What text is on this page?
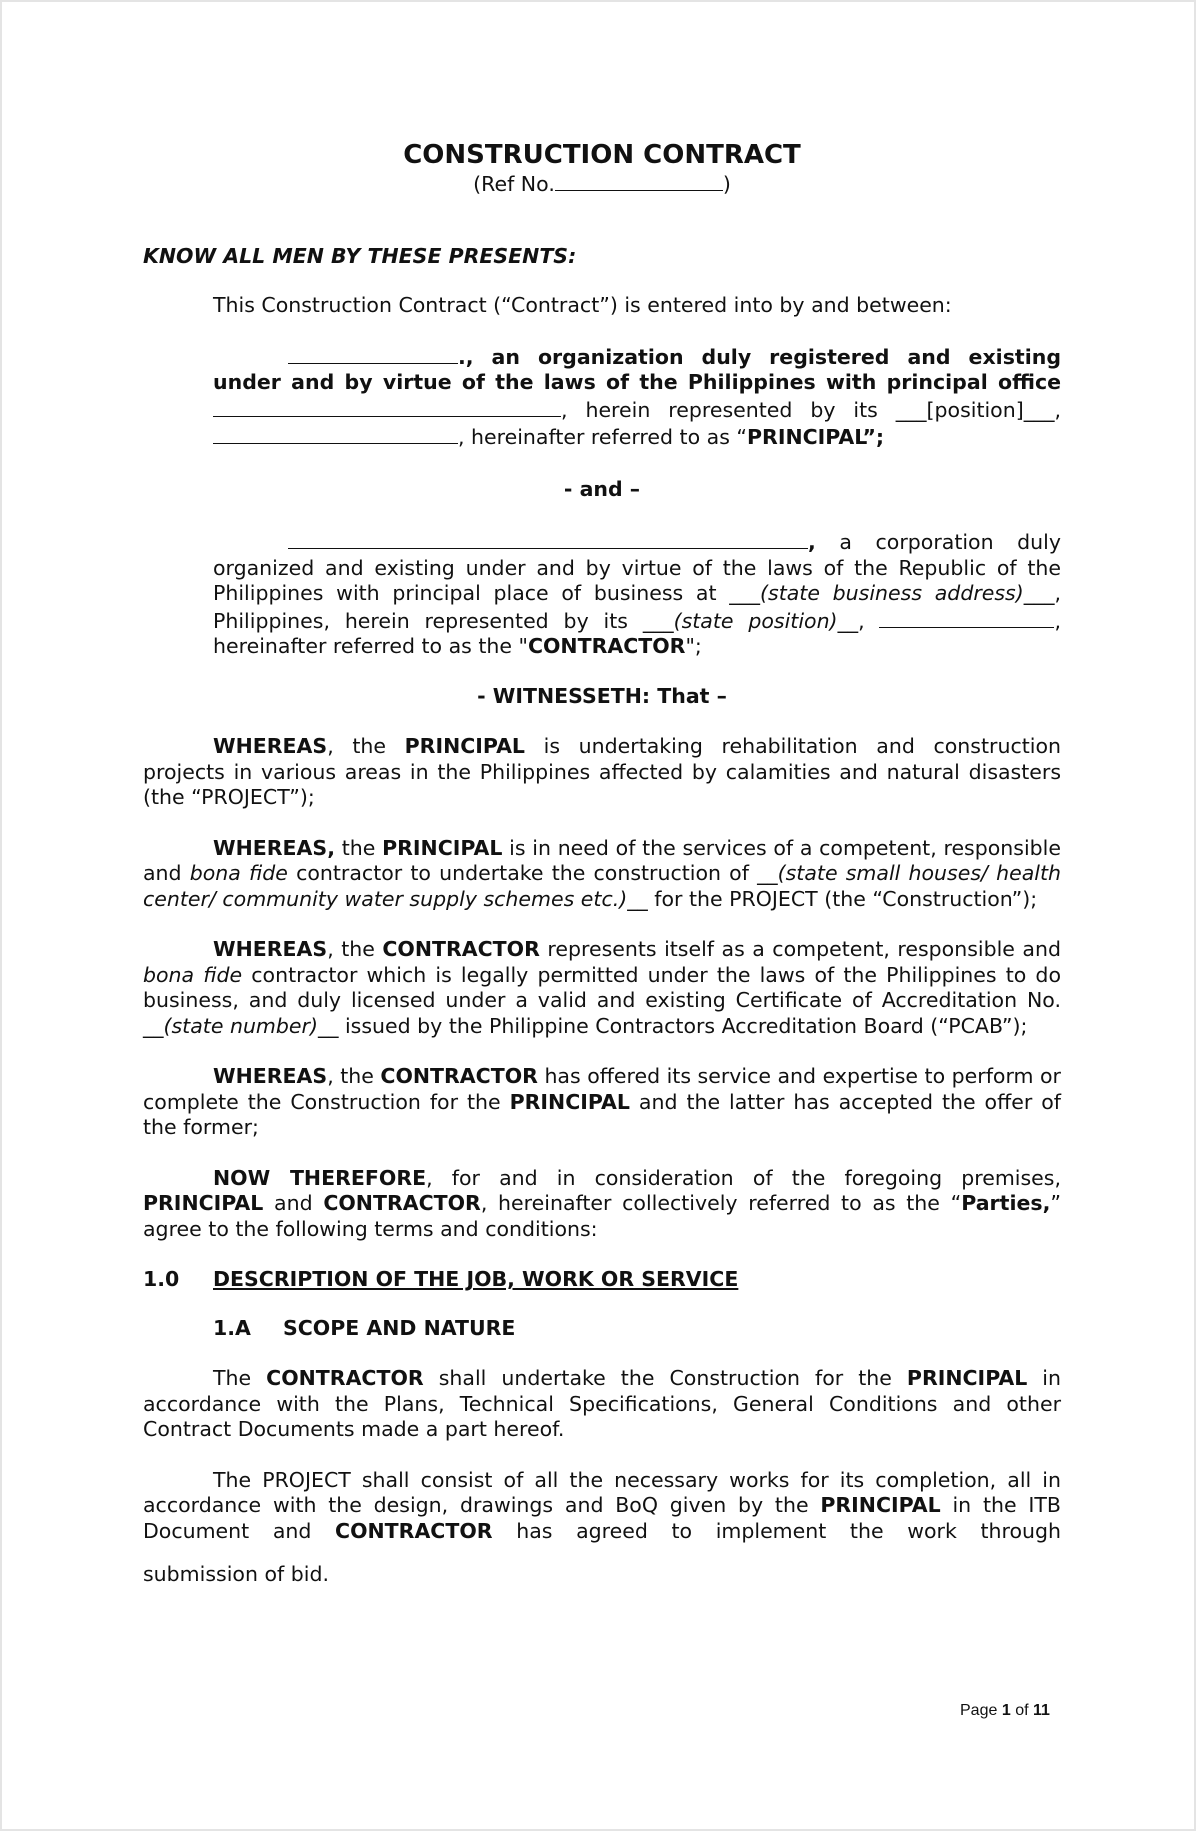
CONSTRUCTION CONTRACT

(Ref No.	)

KNOW ALL MEN BY THESE PRESENTS:

This Construction Contract (“Contract”) is entered into by and between:

., an organization duly registered and existing under and by virtue of the laws of the Philippines with principal office , herein represented by its ___[position]___, , hereinafter referred to as “PRINCIPAL”;

- and –

, a corporation duly organized and existing under and by virtue of the laws of the Republic of the Philippines with principal place of business at ___(state business address)___, Philippines, herein represented by its ___(state position)__,	, hereinafter referred to as the "CONTRACTOR";

- WITNESSETH: That –

WHEREAS, the PRINCIPAL is undertaking rehabilitation and construction projects in various areas in the Philippines affected by calamities and natural disasters (the “PROJECT”);

WHEREAS, the PRINCIPAL is in need of the services of a competent, responsible and bona fide contractor to undertake the construction of __(state small houses/ health center/ community water supply schemes etc.)__ for the PROJECT (the “Construction”);

WHEREAS, the CONTRACTOR represents itself as a competent, responsible and bona fide contractor which is legally permitted under the laws of the Philippines to do business, and duly licensed under a valid and existing Certificate of Accreditation No. __(state number)__ issued by the Philippine Contractors Accreditation Board (“PCAB”);

WHEREAS, the CONTRACTOR has offered its service and expertise to perform or complete the Construction for the PRINCIPAL and the latter has accepted the offer of the former;

NOW THEREFORE, for and in consideration of the foregoing premises, PRINCIPAL and CONTRACTOR, hereinafter collectively referred to as the “Parties,” agree to the following terms and conditions:

1.0 DESCRIPTION OF THE JOB, WORK OR SERVICE

1.A SCOPE AND NATURE

The CONTRACTOR shall undertake the Construction for the PRINCIPAL in accordance with the Plans, Technical Specifications, General Conditions and other Contract Documents made a part hereof.

The PROJECT shall consist of all the necessary works for its completion, all in accordance with the design, drawings and BoQ given by the PRINCIPAL in the ITB Document and CONTRACTOR has agreed to implement the work through

submission of bid.

Page 1 of 11
